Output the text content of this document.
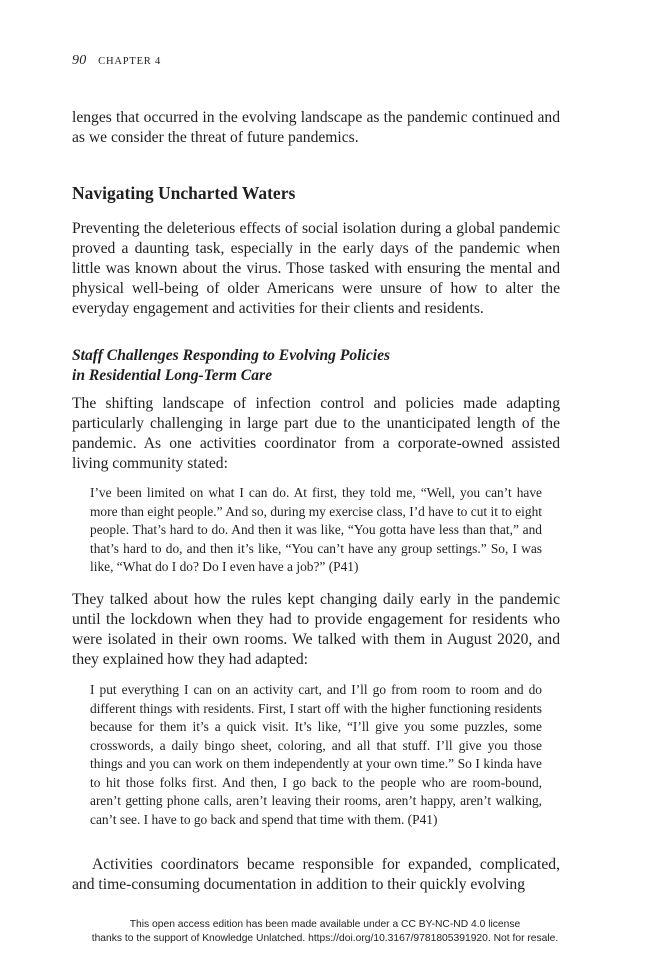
90 CHAPTER 4

lenges that occurred in the evolving landscape as the pandemic continued and as we consider the threat of future pandemics.

Navigating Uncharted Waters

Preventing the deleterious effects of social isolation during a global pandemic proved a daunting task, especially in the early days of the pandemic when little was known about the virus. Those tasked with ensuring the mental and physical well-being of older Americans were unsure of how to alter the everyday engagement and activities for their clients and residents.

Staff Challenges Responding to Evolving Policies
in Residential Long-Term Care

The shifting landscape of infection control and policies made adapting particularly challenging in large part due to the unanticipated length of the pandemic. As one activities coordinator from a corporate-owned assisted living community stated:

I’ve been limited on what I can do. At first, they told me, “Well, you can’t have more than eight people.” And so, during my exercise class, I’d have to cut it to eight people. That’s hard to do. And then it was like, “You gotta have less than that,” and that’s hard to do, and then it’s like, “You can’t have any group settings.” So, I was like, “What do I do? Do I even have a job?” (P41)

They talked about how the rules kept changing daily early in the pandemic until the lockdown when they had to provide engagement for residents who were isolated in their own rooms. We talked with them in August 2020, and they explained how they had adapted:

I put everything I can on an activity cart, and I’ll go from room to room and do different things with residents. First, I start off with the higher functioning residents because for them it’s a quick visit. It’s like, “I’ll give you some puzzles, some crosswords, a daily bingo sheet, coloring, and all that stuff. I’ll give you those things and you can work on them independently at your own time.” So I kinda have to hit those folks first. And then, I go back to the people who are room-bound, aren’t getting phone calls, aren’t leaving their rooms, aren’t happy, aren’t walking, can’t see. I have to go back and spend that time with them. (P41)

Activities coordinators became responsible for expanded, complicated, and time-consuming documentation in addition to their quickly evolving

This open access edition has been made available under a CC BY-NC-ND 4.0 license
thanks to the support of Knowledge Unlatched. https://doi.org/10.3167/9781805391920. Not for resale.
